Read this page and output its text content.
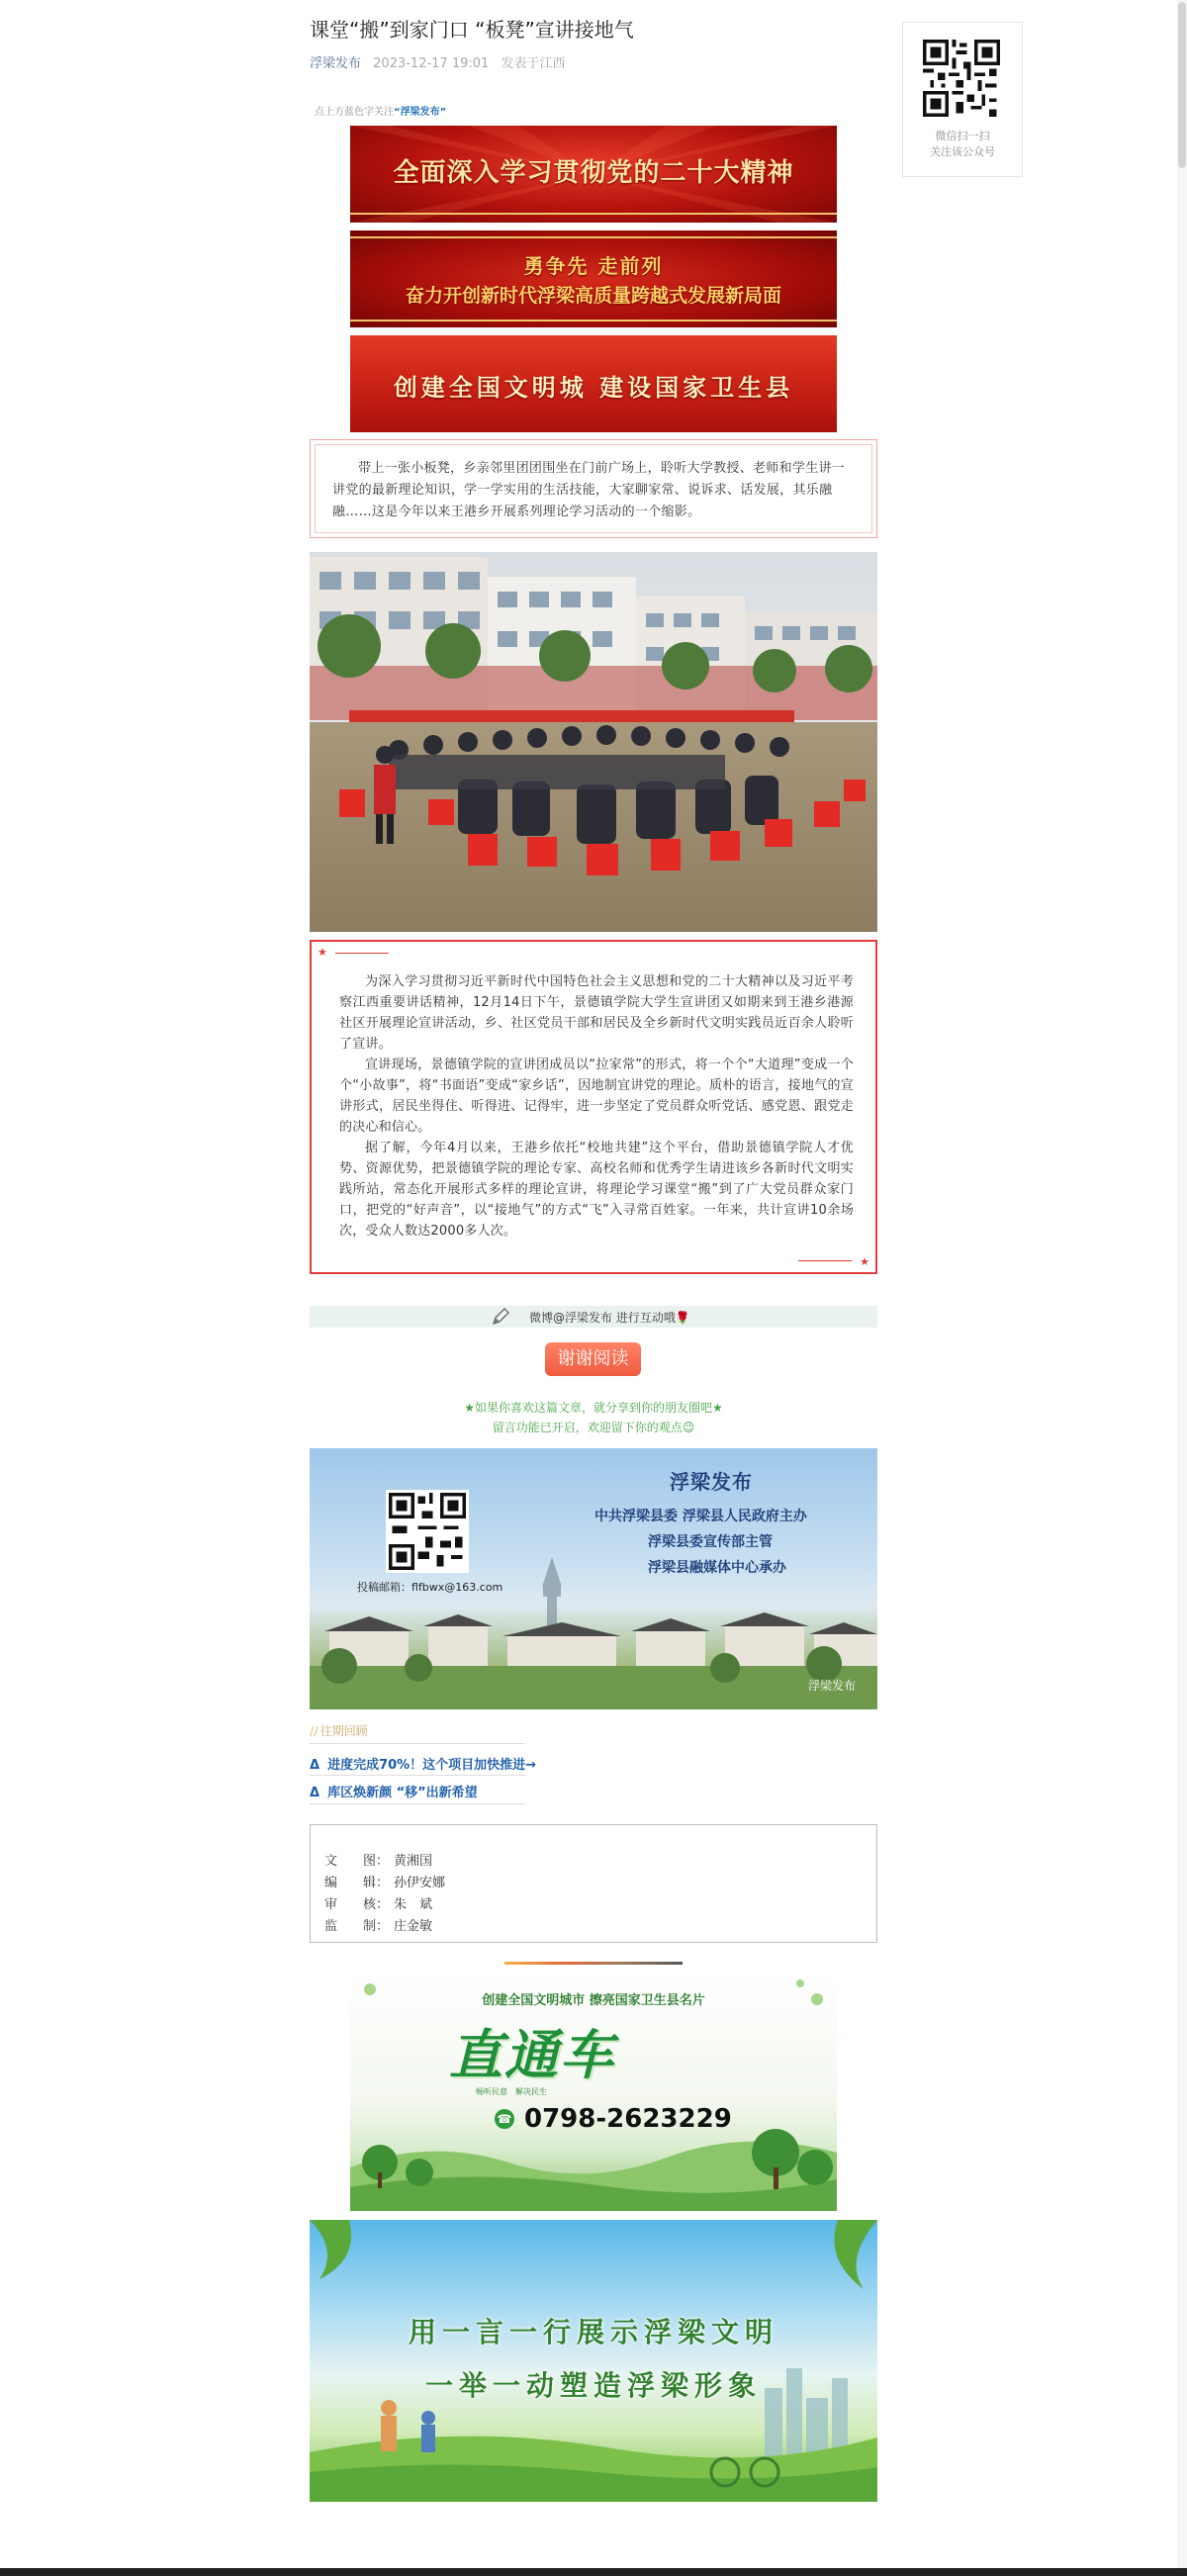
课堂“搬”到家门口 “板凳”宣讲接地气
浮梁发布 2023-12-17 19:01 发表于江西
点上方蓝色字关注“浮梁发布”
微信扫一扫
关注该公众号
全面深入学习贯彻党的二十大精神
勇争先 走前列
奋力开创新时代浮梁高质量跨越式发展新局面
创建全国文明城 建设国家卫生县
带上一张小板凳，乡亲邻里团团围坐在门前广场上，聆听大学教授、老师和学生讲一讲党的最新理论知识，学一学实用的生活技能，大家聊家常、说诉求、话发展，其乐融融……这是今年以来王港乡开展系列理论学习活动的一个缩影。
★
为深入学习贯彻习近平新时代中国特色社会主义思想和党的二十大精神以及习近平考察江西重要讲话精神，12月14日下午，景德镇学院大学生宣讲团又如期来到王港乡港源社区开展理论宣讲活动，乡、社区党员干部和居民及全乡新时代文明实践员近百余人聆听了宣讲。
宣讲现场，景德镇学院的宣讲团成员以“拉家常”的形式，将一个个“大道理”变成一个个“小故事”，将“书面语”变成“家乡话”，因地制宜讲党的理论。质朴的语言，接地气的宣讲形式，居民坐得住、听得进、记得牢，进一步坚定了党员群众听党话、感党恩、跟党走的决心和信心。
据了解，今年4月以来，王港乡依托“校地共建”这个平台，借助景德镇学院人才优势、资源优势，把景德镇学院的理论专家、高校名师和优秀学生请进该乡各新时代文明实践所站，常态化开展形式多样的理论宣讲，将理论学习课堂“搬”到了广大党员群众家门口，把党的“好声音”，以“接地气”的方式“飞”入寻常百姓家。一年来，共计宣讲10余场次，受众人数达2000多人次。
★
微博@浮梁发布 进行互动哦🌹
谢谢阅读
★如果你喜欢这篇文章，就分享到你的朋友圈吧★
留言功能已开启，欢迎留下你的观点😉
投稿邮箱：flfbwx@163.com
浮梁发布
中共浮梁县委 浮梁县人民政府主办
浮梁县委宣传部主管
浮梁县融媒体中心承办
浮梁发布
// 往期回顾
Δ 进度完成70%！这个项目加快推进→
Δ 库区焕新颜 “移”出新希望
文　　图： 黄湘国
编　　辑： 孙伊安娜
审　　核： 朱　斌
监　　制： 庄金敏
创建全国文明城市 擦亮国家卫生县名片
直通车
畅听民意　解决民生
☎ 0798-2623229
用一言一行展示浮梁文明
一举一动塑造浮梁形象
